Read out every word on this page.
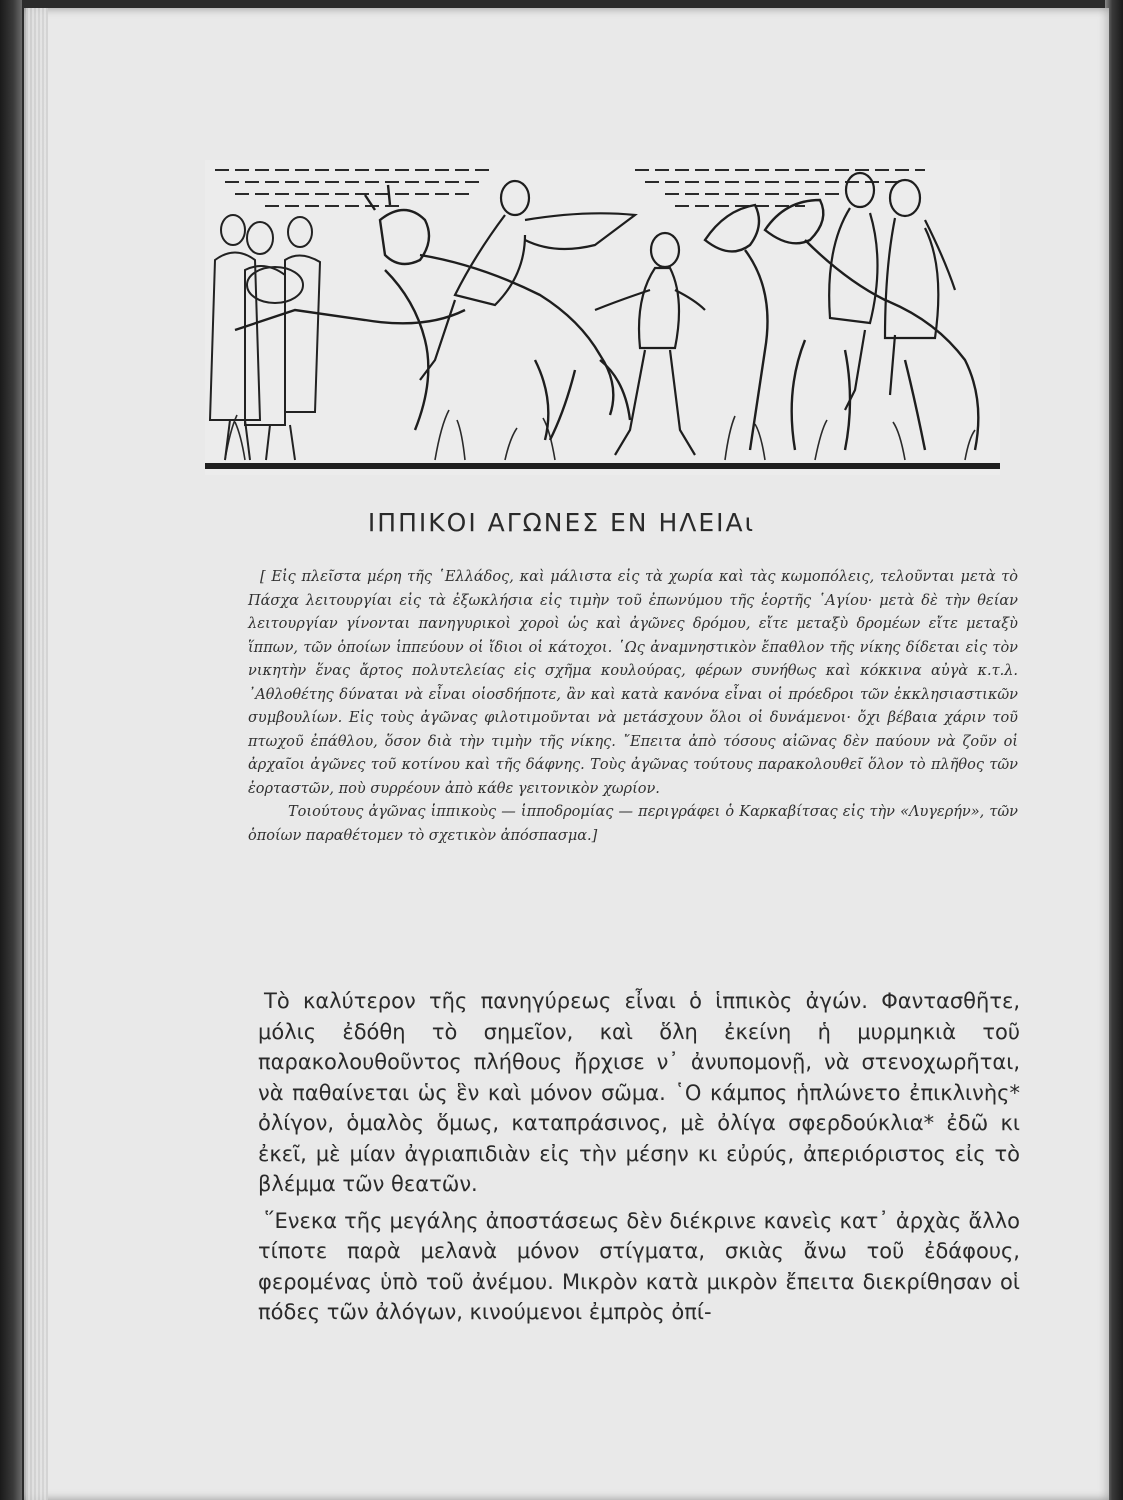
ΙΠΠΙΚΟΙ ΑΓΩΝΕΣ ΕΝ ΗΛΕΙΑι

[ Εἰς πλεῖστα μέρη τῆς ῾Ελλάδος, καὶ μάλιστα εἰς τὰ χωρία καὶ τὰς κωμοπόλεις, τελοῦνται μετὰ τὸ Πάσχα λειτουργίαι εἰς τὰ ἐξωκλήσια εἰς τιμὴν τοῦ ἐπωνύμου τῆς ἑορτῆς ῾Αγίου· μετὰ δὲ τὴν θείαν λειτουργίαν γίνονται πανηγυρικοὶ χοροὶ ὡς καὶ ἀγῶνες δρόμου, εἴτε μεταξὺ δρομέων εἴτε μεταξὺ ἵππων, τῶν ὁποίων ἱππεύουν οἱ ἴδιοι οἱ κάτοχοι. ῾Ως ἀναμνηστικὸν ἔπαθλον τῆς νίκης δίδεται εἰς τὸν νικητὴν ἕνας ἄρτος πολυτελείας εἰς σχῆμα κουλούρας, φέρων συνήθως καὶ κόκκινα αὐγὰ κ.τ.λ. ᾿Αθλοθέτης δύναται νὰ εἶναι οἱοσδήποτε, ἂν καὶ κατὰ κανόνα εἶναι οἱ πρόεδροι τῶν ἐκκλησιαστικῶν συμβουλίων. Εἰς τοὺς ἀγῶνας φιλοτιμοῦνται νὰ μετάσχουν ὅλοι οἱ δυνάμενοι· ὄχι βέβαια χάριν τοῦ πτωχοῦ ἐπάθλου, ὅσον διὰ τὴν τιμὴν τῆς νίκης. ῎Επειτα ἀπὸ τόσους αἰῶνας δὲν παύουν νὰ ζοῦν οἱ ἀρχαῖοι ἀγῶνες τοῦ κοτίνου καὶ τῆς δάφνης. Τοὺς ἀγῶνας τούτους παρακολουθεῖ ὅλον τὸ πλῆθος τῶν ἑορταστῶν, ποὺ συρρέουν ἀπὸ κάθε γειτονικὸν χωρίον.

Τοιούτους ἀγῶνας ἱππικοὺς — ἱπποδρομίας — περιγράφει ὁ Καρκαβίτσας εἰς τὴν «Λυγερήν», τῶν ὁποίων παραθέτομεν τὸ σχετικὸν ἀπόσπασμα.]

Τὸ καλύτερον τῆς πανηγύρεως εἶναι ὁ ἱππικὸς ἀγών. Φαντασθῆτε, μόλις ἐδόθη τὸ σημεῖον, καὶ ὅλη ἐκείνη ἡ μυρμηκιὰ τοῦ παρακολουθοῦντος πλήθους ἤρχισε ν᾿ ἀνυπομονῇ, νὰ στενοχωρῆται, νὰ παθαίνεται ὡς ἓν καὶ μόνον σῶμα. ῾Ο κάμπος ἡπλώνετο ἐπικλινὴς* ὀλίγον, ὁμαλὸς ὅμως, καταπράσινος, μὲ ὀλίγα σφερδούκλια* ἐδῶ κι ἐκεῖ, μὲ μίαν ἀγριαπιδιὰν εἰς τὴν μέσην κι εὐρύς, ἀπεριόριστος εἰς τὸ βλέμμα τῶν θεατῶν.

῞Ενεκα τῆς μεγάλης ἀποστάσεως δὲν διέκρινε κανεὶς κατ᾿ ἀρχὰς ἄλλο τίποτε παρὰ μελανὰ μόνον στίγματα, σκιὰς ἄνω τοῦ ἐδάφους, φερομένας ὑπὸ τοῦ ἀνέμου. Μικρὸν κατὰ μικρὸν ἔπειτα διεκρίθησαν οἱ πόδες τῶν ἀλόγων, κινούμενοι ἐμπρὸς ὀπί-
